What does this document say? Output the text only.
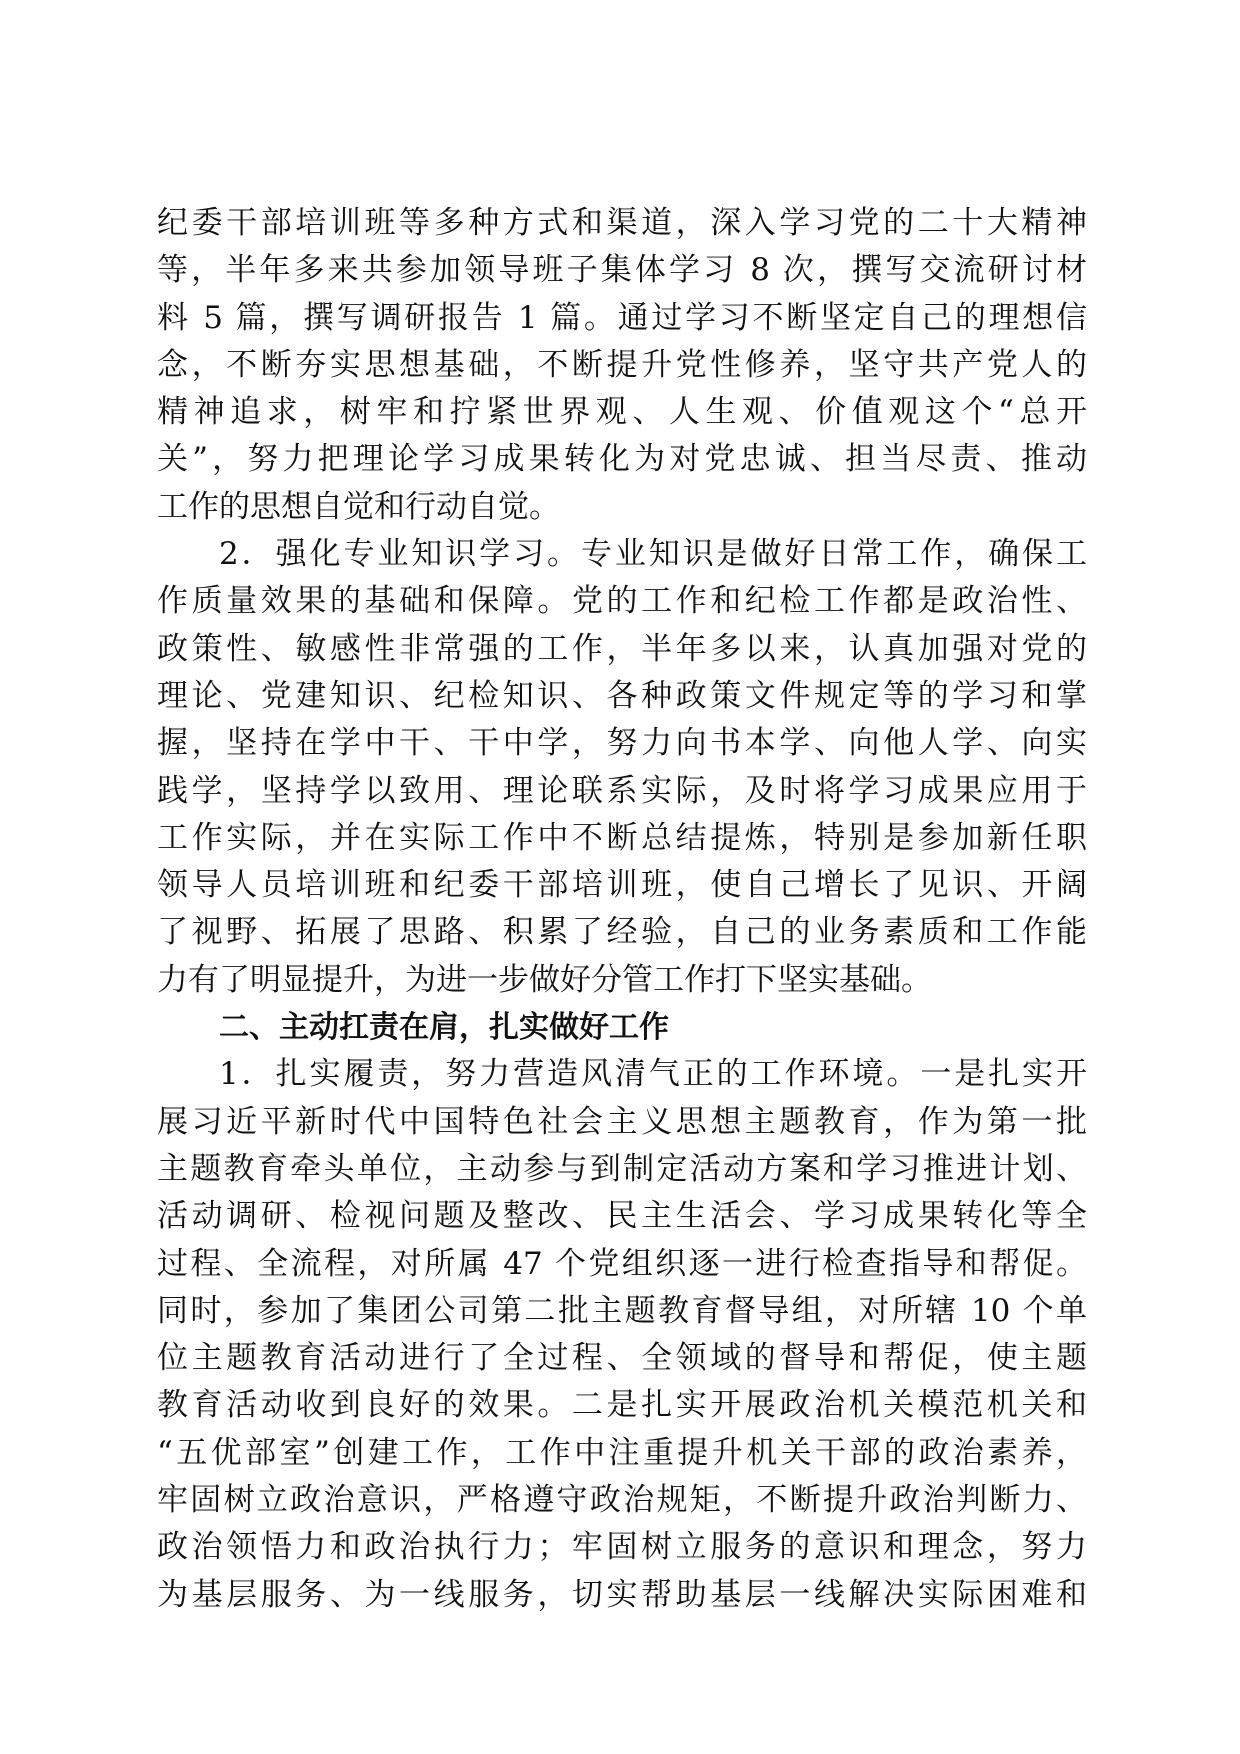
纪委干部培训班等多种方式和渠道，深入学习党的二十大精神
等，半年多来共参加领导班子集体学习 8 次，撰写交流研讨材
料 5 篇，撰写调研报告 1 篇。通过学习不断坚定自己的理想信
念，不断夯实思想基础，不断提升党性修养，坚守共产党人的
精神追求，树牢和拧紧世界观、人生观、价值观这个“总开
关”，努力把理论学习成果转化为对党忠诚、担当尽责、推动
工作的思想自觉和行动自觉。
2．强化专业知识学习。专业知识是做好日常工作，确保工
作质量效果的基础和保障。党的工作和纪检工作都是政治性、
政策性、敏感性非常强的工作，半年多以来，认真加强对党的
理论、党建知识、纪检知识、各种政策文件规定等的学习和掌
握，坚持在学中干、干中学，努力向书本学、向他人学、向实
践学，坚持学以致用、理论联系实际，及时将学习成果应用于
工作实际，并在实际工作中不断总结提炼，特别是参加新任职
领导人员培训班和纪委干部培训班，使自己增长了见识、开阔
了视野、拓展了思路、积累了经验，自己的业务素质和工作能
力有了明显提升，为进一步做好分管工作打下坚实基础。
二、主动扛责在肩，扎实做好工作
1．扎实履责，努力营造风清气正的工作环境。一是扎实开
展习近平新时代中国特色社会主义思想主题教育，作为第一批
主题教育牵头单位，主动参与到制定活动方案和学习推进计划、
活动调研、检视问题及整改、民主生活会、学习成果转化等全
过程、全流程，对所属 47 个党组织逐一进行检查指导和帮促。
同时，参加了集团公司第二批主题教育督导组，对所辖 10 个单
位主题教育活动进行了全过程、全领域的督导和帮促，使主题
教育活动收到良好的效果。二是扎实开展政治机关模范机关和
“五优部室”创建工作，工作中注重提升机关干部的政治素养，
牢固树立政治意识，严格遵守政治规矩，不断提升政治判断力、
政治领悟力和政治执行力；牢固树立服务的意识和理念，努力
为基层服务、为一线服务，切实帮助基层一线解决实际困难和
